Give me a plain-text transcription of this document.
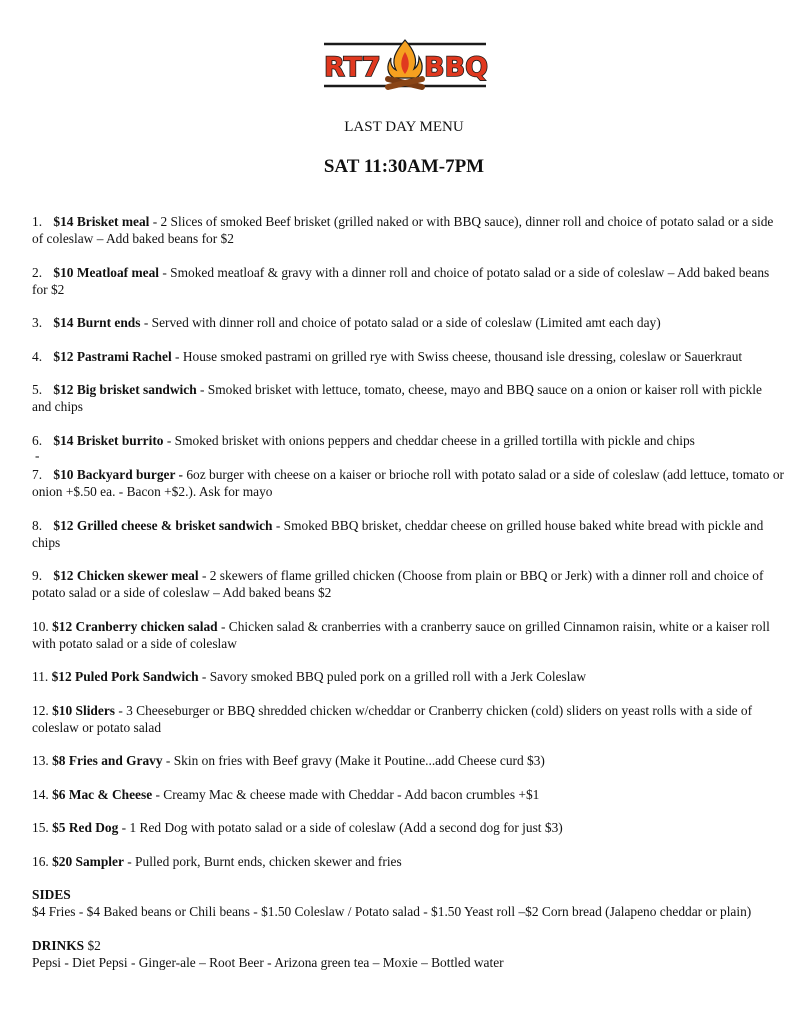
RT7 BBQ
LAST DAY MENU
SAT 11:30AM-7PM
1. $14 Brisket meal - 2 Slices of smoked Beef brisket (grilled naked or with BBQ sauce), dinner roll and choice of potato salad or a side of coleslaw – Add baked beans for $2
2. $10 Meatloaf meal - Smoked meatloaf & gravy with a dinner roll and choice of potato salad or a side of coleslaw – Add baked beans for $2
3. $14 Burnt ends - Served with dinner roll and choice of potato salad or a side of coleslaw (Limited amt each day)
4. $12 Pastrami Rachel - House smoked pastrami on grilled rye with Swiss cheese, thousand isle dressing, coleslaw or Sauerkraut
5. $12 Big brisket sandwich - Smoked brisket with lettuce, tomato, cheese, mayo and BBQ sauce on a onion or kaiser roll with pickle and chips
6. $14 Brisket burrito - Smoked brisket with onions peppers and cheddar cheese in a grilled tortilla with pickle and chips
-
7. $10 Backyard burger - 6oz burger with cheese on a kaiser or brioche roll with potato salad or a side of coleslaw (add lettuce, tomato or onion +$.50 ea. - Bacon +$2.). Ask for mayo
8. $12 Grilled cheese & brisket sandwich - Smoked BBQ brisket, cheddar cheese on grilled house baked white bread with pickle and chips
9. $12 Chicken skewer meal - 2 skewers of flame grilled chicken (Choose from plain or BBQ or Jerk) with a dinner roll and choice of potato salad or a side of coleslaw – Add baked beans $2
10. $12 Cranberry chicken salad - Chicken salad & cranberries with a cranberry sauce on grilled Cinnamon raisin, white or a kaiser roll with potato salad or a side of coleslaw
11. $12 Puled Pork Sandwich - Savory smoked BBQ puled pork on a grilled roll with a Jerk Coleslaw
12. $10 Sliders - 3 Cheeseburger or BBQ shredded chicken w/cheddar or Cranberry chicken (cold) sliders on yeast rolls with a side of coleslaw or potato salad
13. $8 Fries and Gravy - Skin on fries with Beef gravy (Make it Poutine...add Cheese curd $3)
14. $6 Mac & Cheese - Creamy Mac & cheese made with Cheddar - Add bacon crumbles +$1
15. $5 Red Dog - 1 Red Dog with potato salad or a side of coleslaw (Add a second dog for just $3)
16. $20 Sampler - Pulled pork, Burnt ends, chicken skewer and fries
SIDES
$4 Fries - $4 Baked beans or Chili beans - $1.50 Coleslaw / Potato salad - $1.50 Yeast roll –$2 Corn bread (Jalapeno cheddar or plain)
DRINKS $2
Pepsi - Diet Pepsi - Ginger-ale – Root Beer - Arizona green tea – Moxie – Bottled water
